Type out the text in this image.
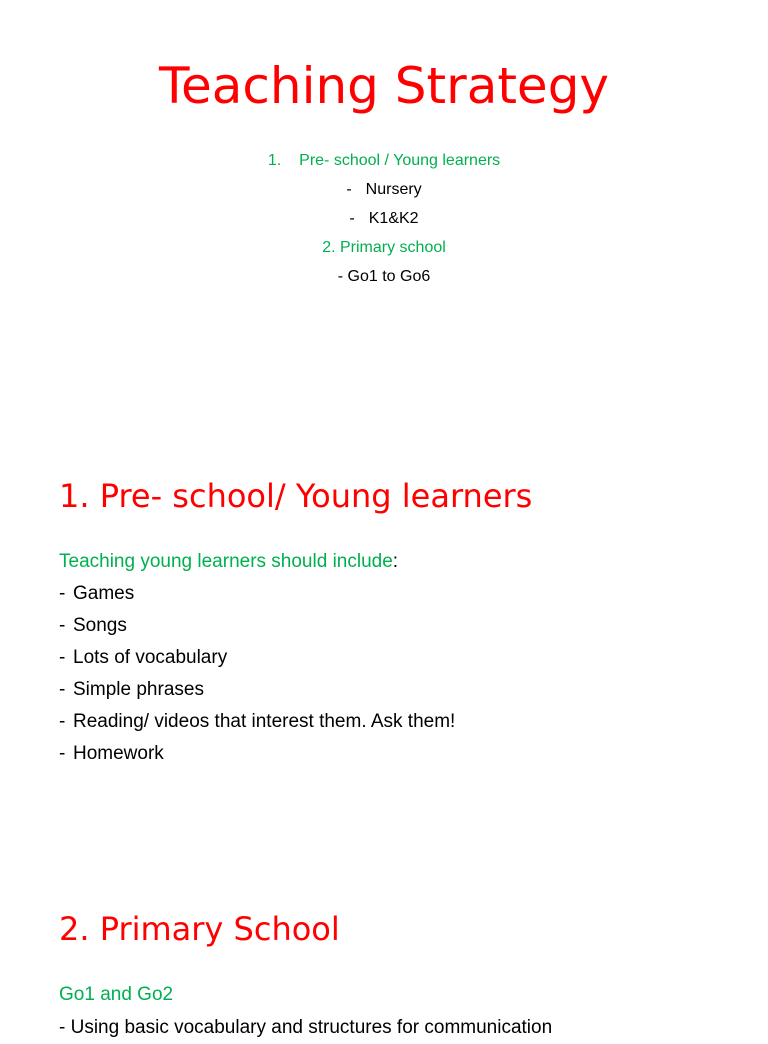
Teaching Strategy
1. Pre- school / Young learners
- Nursery
- K1&K2
2. Primary school
- Go1 to Go6
1. Pre- school/ Young learners
Teaching young learners should include:
- Games
- Songs
- Lots of vocabulary
- Simple phrases
- Reading/ videos that interest them. Ask them!
- Homework
2. Primary School
Go1 and Go2
- Using basic vocabulary and structures for communication
